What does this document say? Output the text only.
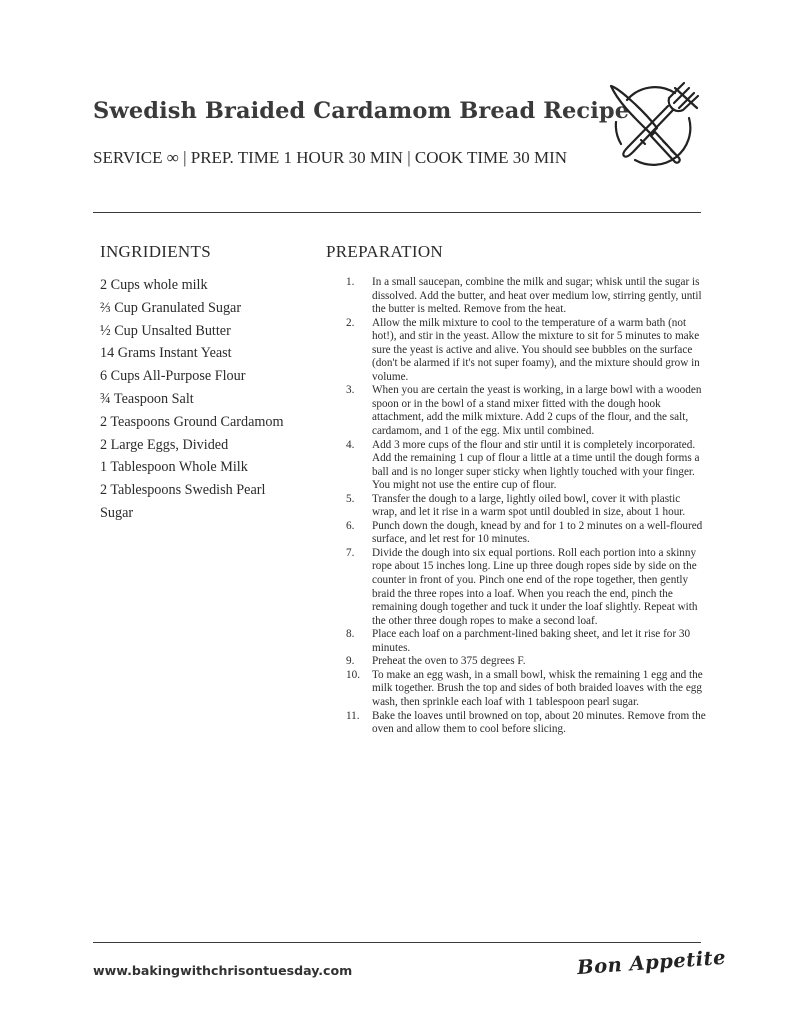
Swedish Braided Cardamom Bread Recipe
SERVICE ∞ | PREP. TIME 1 HOUR 30 MIN | COOK TIME 30 MIN
INGRIDIENTS
2 Cups whole milk
⅔ Cup Granulated Sugar
½ Cup Unsalted Butter
14 Grams Instant Yeast
6 Cups All-Purpose Flour
¾ Teaspoon Salt
2 Teaspoons Ground Cardamom
2 Large Eggs, Divided
1 Tablespoon Whole Milk
2 Tablespoons Swedish Pearl
Sugar
PREPARATION
1. In a small saucepan, combine the milk and sugar; whisk until the sugar is dissolved. Add the butter, and heat over medium low, stirring gently, until the butter is melted. Remove from the heat.
2. Allow the milk mixture to cool to the temperature of a warm bath (not hot!), and stir in the yeast. Allow the mixture to sit for 5 minutes to make sure the yeast is active and alive. You should see bubbles on the surface (don't be alarmed if it's not super foamy), and the mixture should grow in volume.
3. When you are certain the yeast is working, in a large bowl with a wooden spoon or in the bowl of a stand mixer fitted with the dough hook attachment, add the milk mixture. Add 2 cups of the flour, and the salt, cardamom, and 1 of the egg. Mix until combined.
4. Add 3 more cups of the flour and stir until it is completely incorporated. Add the remaining 1 cup of flour a little at a time until the dough forms a ball and is no longer super sticky when lightly touched with your finger. You might not use the entire cup of flour.
5. Transfer the dough to a large, lightly oiled bowl, cover it with plastic wrap, and let it rise in a warm spot until doubled in size, about 1 hour.
6. Punch down the dough, knead by and for 1 to 2 minutes on a well-floured surface, and let rest for 10 minutes.
7. Divide the dough into six equal portions. Roll each portion into a skinny rope about 15 inches long. Line up three dough ropes side by side on the counter in front of you. Pinch one end of the rope together, then gently braid the three ropes into a loaf. When you reach the end, pinch the remaining dough together and tuck it under the loaf slightly. Repeat with the other three dough ropes to make a second loaf.
8. Place each loaf on a parchment-lined baking sheet, and let it rise for 30 minutes.
9. Preheat the oven to 375 degrees F.
10. To make an egg wash, in a small bowl, whisk the remaining 1 egg and the milk together. Brush the top and sides of both braided loaves with the egg wash, then sprinkle each loaf with 1 tablespoon pearl sugar.
11. Bake the loaves until browned on top, about 20 minutes. Remove from the oven and allow them to cool before slicing.
www.bakingwithchrisontuesday.com	Bon Appetite
